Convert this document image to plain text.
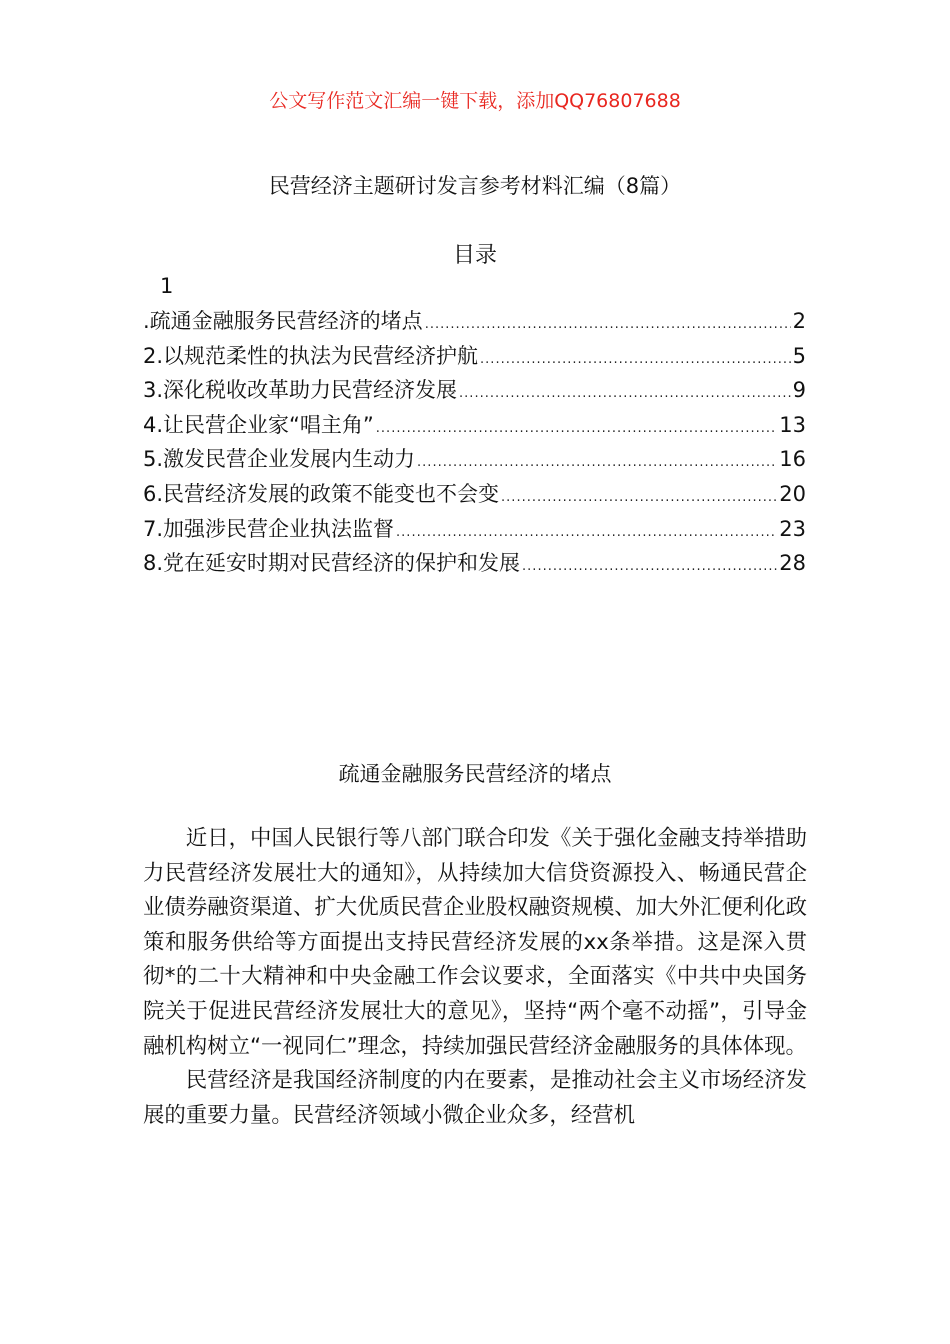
公文写作范文汇编一键下载，添加QQ76807688
民营经济主题研讨发言参考材料汇编（8篇）
目录
1
.疏通金融服务民营经济的堵点 .....	2
2.以规范柔性的执法为民营经济护航 .....	5
3.深化税收改革助力民营经济发展 .....	9
4.让民营企业家“唱主角” .....	13
5.激发民营企业发展内生动力 .....	16
6.民营经济发展的政策不能变也不会变 .....	20
7.加强涉民营企业执法监督 .....	23
8.党在延安时期对民营经济的保护和发展 .....	28
疏通金融服务民营经济的堵点

近日，中国人民银行等八部门联合印发《关于强化金融支持举措助力民营经济发展壮大的通知》，从持续加大信贷资源投入、畅通民营企业债券融资渠道、扩大优质民营企业股权融资规模、加大外汇便利化政策和服务供给等方面提出支持民营经济发展的xx条举措。这是深入贯彻*的二十大精神和中央金融工作会议要求，全面落实《中共中央国务院关于促进民营经济发展壮大的意见》，坚持“两个毫不动摇”，引导金融机构树立“一视同仁”理念，持续加强民营经济金融服务的具体体现。

民营经济是我国经济制度的内在要素，是推动社会主义市场经济发展的重要力量。民营经济领域小微企业众多，经营机
